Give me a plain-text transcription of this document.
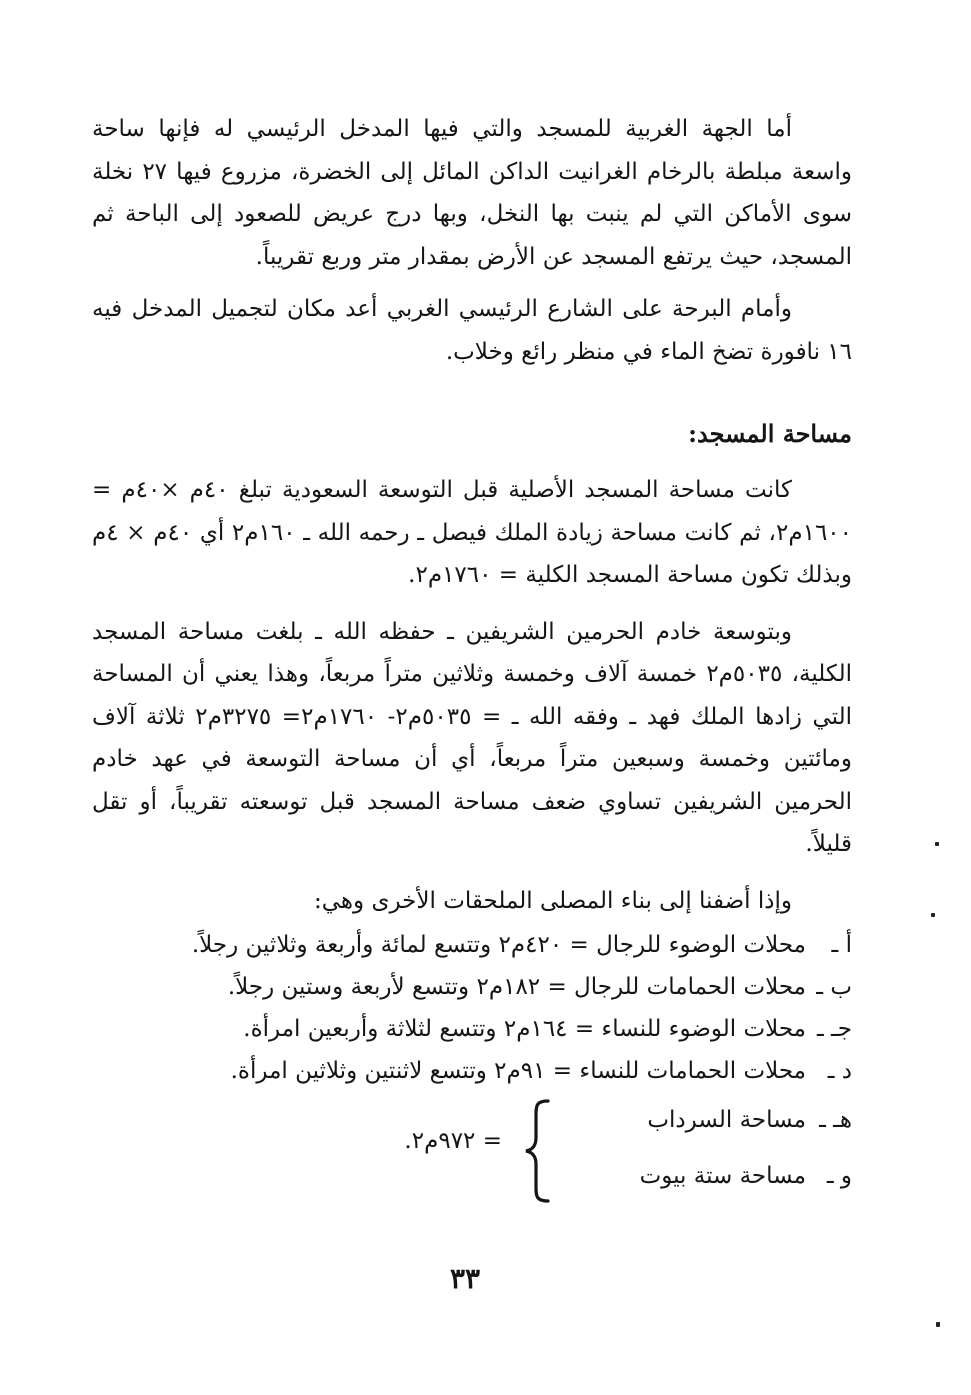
أما الجهة الغربية للمسجد والتي فيها المدخل الرئيسي له فإنها ساحة واسعة مبلطة بالرخام الغرانيت الداكن المائل إلى الخضرة، مزروع فيها ٢٧ نخلة سوى الأماكن التي لم ينبت بها النخل، وبها درج عريض للصعود إلى الباحة ثم المسجد، حيث يرتفع المسجد عن الأرض بمقدار متر وربع تقريباً.

وأمام البرحة على الشارع الرئيسي الغربي أعد مكان لتجميل المدخل فيه ١٦ نافورة تضخ الماء في منظر رائع وخلاب.

مساحة المسجد:

كانت مساحة المسجد الأصلية قبل التوسعة السعودية تبلغ ٤٠م ×٤٠م = ١٦٠٠م٢، ثم كانت مساحة زيادة الملك فيصل ـ رحمه الله ـ ١٦٠م٢ أي ٤٠م × ٤م وبذلك تكون مساحة المسجد الكلية = ١٧٦٠م٢.

وبتوسعة خادم الحرمين الشريفين ـ حفظه الله ـ بلغت مساحة المسجد الكلية، ٥٠٣٥م٢ خمسة آلاف وخمسة وثلاثين متراً مربعاً، وهذا يعني أن المساحة التي زادها الملك فهد ـ وفقه الله ـ = ٥٠٣٥م٢- ١٧٦٠م٢= ٣٢٧٥م٢ ثلاثة آلاف ومائتين وخمسة وسبعين متراً مربعاً، أي أن مساحة التوسعة في عهد خادم الحرمين الشريفين تساوي ضعف مساحة المسجد قبل توسعته تقريباً، أو تقل قليلاً.

وإذا أضفنا إلى بناء المصلى الملحقات الأخرى وهي:

أ ـ
محلات الوضوء للرجال = ٤٢٠م٢ وتتسع لمائة وأربعة وثلاثين رجلاً.
ب ـ
محلات الحمامات للرجال = ١٨٢م٢ وتتسع لأربعة وستين رجلاً.
جـ ـ
محلات الوضوء للنساء = ١٦٤م٢ وتتسع لثلاثة وأربعين امرأة.
د ـ
محلات الحمامات للنساء = ٩١م٢ وتتسع لاثنتين وثلاثين امرأة.
هـ ـ
مساحة السرداب
و ـ
مساحة ستة بيوت
= ٩٧٢م٢.
٣٣
